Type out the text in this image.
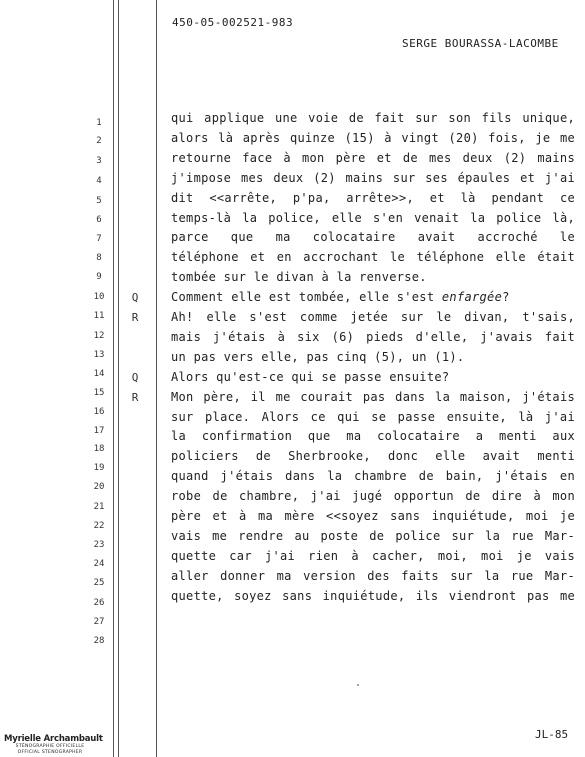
450-05-002521-983
SERGE BOURASSA-LACOMBE
1
2
3
4
5
6
7
8
9
10
11
12
13
14
15
16
17
18
19
20
21
22
23
24
25
26
27
28
qui applique une voie de fait sur son fils unique,
alors là après quinze (15) à vingt (20) fois, je me
retourne face à mon père et de mes deux (2) mains
j'impose mes deux (2) mains sur ses épaules et j'ai
dit <<arrête, p'pa, arrête>>, et là pendant ce
temps-là la police, elle s'en venait la police là,
parce que ma colocataire avait accroché le
téléphone et en accrochant le téléphone elle était
tombée sur le divan à la renverse.
Q	Comment elle est tombée, elle s'est enfargée?
R	Ah! elle s'est comme jetée sur le divan, t'sais,
mais j'étais à six (6) pieds d'elle, j'avais fait
un pas vers elle, pas cinq (5), un (1).
Q	Alors qu'est-ce qui se passe ensuite?
R	Mon père, il me courait pas dans la maison, j'étais
sur place. Alors ce qui se passe ensuite, là j'ai
la confirmation que ma colocataire a menti aux
policiers de Sherbrooke, donc elle avait menti
quand j'étais dans la chambre de bain, j'étais en
robe de chambre, j'ai jugé opportun de dire à mon
père et à ma mère <<soyez sans inquiétude, moi je
vais me rendre au poste de police sur la rue Mar-
quette car j'ai rien à cacher, moi, moi je vais
aller donner ma version des faits sur la rue Mar-
quette, soyez sans inquiétude, ils viendront pas me
JL-85
Myrielle Archambault
STÉNOGRAPHIE OFFICIELLE
OFFICIAL STENOGRAPHER
